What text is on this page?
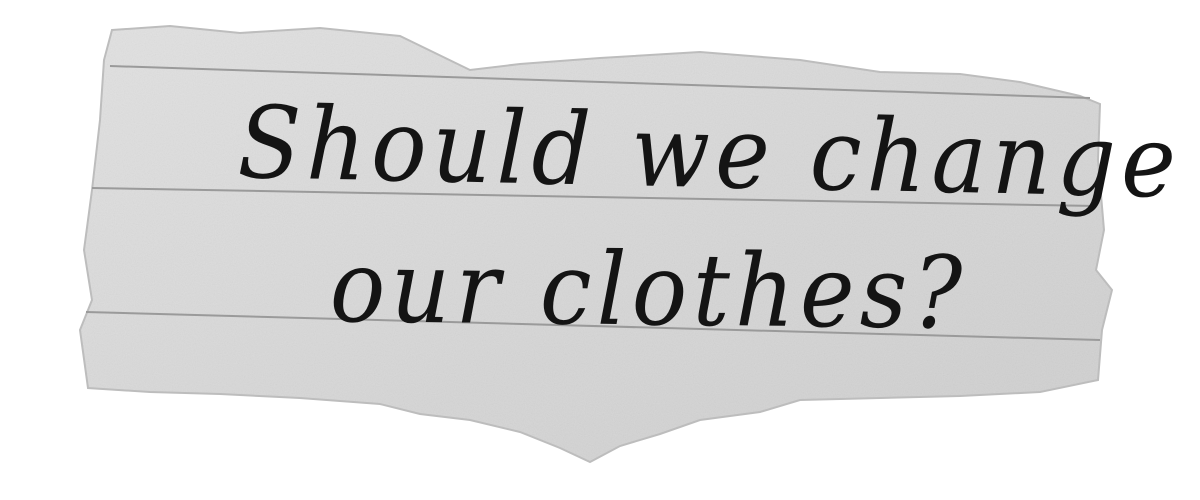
Should we change
our clothes?
